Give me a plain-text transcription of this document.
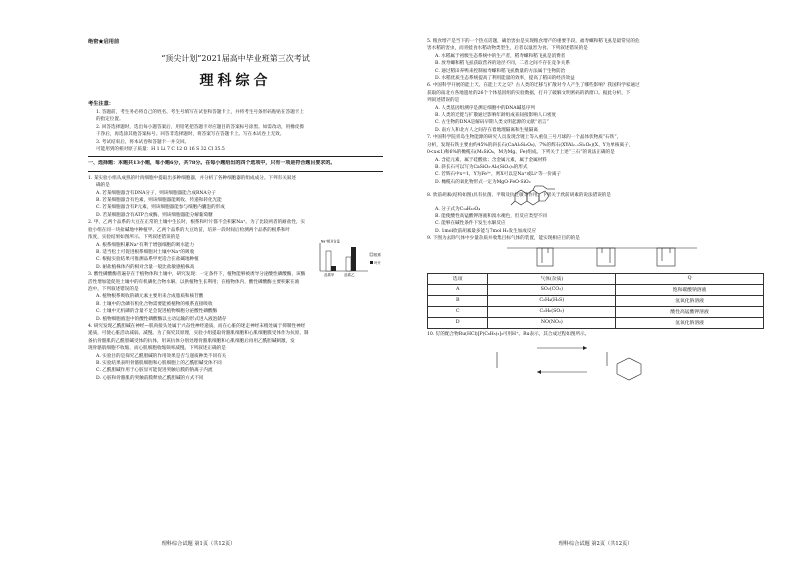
绝密★启用前
“顶尖计划”2021届高中毕业班第三次考试
理科综合
考生注意：
1. 答题前，考生务必将自己的姓名、考生号填写在试卷和答题卡上，并将考生号条形码粘贴在答题卡上
的指定位置。
2. 回答选择题时，选出每小题答案后，用铅笔把答题卡对应题目的答案标号涂黑。如需改动，用橡皮擦
干净后，再选涂其他答案标号。回答非选择题时，将答案写在答题卡上。写在本试卷上无效。
3. 考试结束后，将本试卷和答题卡一并交回。
可能用到的相对原子质量：H 1 Li 7 C 12 O 16 S 32 Cl 35.5
一、选择题：本题共13小题，每小题6分，共78分。在每小题给出的四个选项中，只有一项是符合题目要求的。
1. 某实验小组从成熟的叶肉细胞中提取出多种细胞器，并分析了各种细胞器的组成成分。下列有关叙述
确的是
A. 若某细胞器含有DNA分子，则该细胞器能合成RNA分子
B. 若某细胞器含有色素，则该细胞器能吸收、传递和转化光能
C. 若某细胞器含有P元素，则该细胞器能参与细胞内囊泡的形成
D. 若某细胞器含有ATP合成酶，则该细胞器能分解葡萄糖
2. 甲、乙两个品系的大豆在正常的土壤中生长时，根系和叶片都不会积累Na⁺。为了比较两者的耐盐性，实
验小组在同一块盐碱地中种植甲、乙两个品系的大豆幼苗，培养一段时间后检测两个品系的根系和叶
浓度，实验结果如图所示。下列叙述错误的是
A. 根系细胞积累Na⁺有利于增强细胞的吸水能力
B. 适当松土可促进根系细胞对土壤中Na⁺的吸收
C. 根据实验结果可推测品系甲更适合在盐碱地种植
D. 耐盐植株体内的相对含量一般比盐敏感植株高
根系
叶片
Na⁺相对含量
品系甲	品系乙
3. 酸性磷酸酶普遍存在于植物体和土壤中，研究发现：一定条件下，植物能够被诱导分泌酸性磷酸酶，该酶
活性增加能促进土壤中的有机磷化合物水解，以供植物生长利用；在植物体内，酸性磷酸酶主要积累在液
泡中。下列叙述错误的是
A. 植物根系吸收的磷元素主要用来合成脂质和核苷酸
B. 土壤中的含磷有机化合物需要能被植物的根系直接吸收
C. 土壤中无机磷的含量不足会促进植物细胞分泌酸性磷酸酶
D. 植物细胞液泡中的酸性磷酸酶以主动运输的形式进入液泡储存
4. 研究发现乙酰胆碱在神经—肌肉接头处属于兴奋性神经递质，而在心脏的迷走神经末梢处属于抑制性神经
递质，可使心脏活动减弱、减慢。为了探究其原理，实验小组提取骨骼肌细胞和心肌细胞膜受体作为抗原，制
备抗骨骼肌的乙酰胆碱受体的抗体，用该抗体分别处理骨骼肌细胞和心肌细胞后再用乙酰胆碱刺激，发
现骨骼肌细胞不收缩，而心肌细胞收缩频率减慢。下列叙述正确的是
A. 实验目的是探究乙酰胆碱的作用效果是否与递质种类不同有关
B. 实验结果表明骨骼肌细胞和心肌细胞上的乙酰胆碱受体不同
C. 乙酰胆碱作用于心脏显可能促进突触后膜的钠离子内流
D. 心脏和骨骼肌的突触前膜释放乙酰胆碱的方式不同
理科综合试题 第1页（共12页）
5. 粮食增产是当下的一个热点话题，确治害虫是实现粮食增产的重要手段。福寿螺和稻飞虱是最常见的危
害水稻的害虫，而青蛙食水稻动物类型生，后者以鼠害为食。下列叙述错误的是
A. 水稻属于初级生态系统中的生产者，稻寿螺和稻飞虱是消费者
B. 放寿螺和稻飞虱获取营养的途径不同，二者之间不存在竞争关系
C. 通过稻田养鸭来控制福寿螺和稻飞虱数量的方法属于生物防治
D. 水稻优质生态系统提高了利用能量的效率，提高了稻田的经济效益
6. 中国科学开展的能上天、在能上天之交？古人类的迁移与扩散对今人产生了哪些影响？我国科学家通过
获取的南北方各地遗址的26个个体基因组的实验数据，打开了破解文明密码的新窗口。据此分析，下
列叙述错误的是
A. 人类基因组测序是测定细胞中的DNA碱基序列
B. 人类的迁徙与扩散通过影响年龄组成来间接影响人口密度
C. 古生物的DNA是解码早期人类文明起源的文献“语言”
D. 南方人和北方人之间存在着地理隔离和生殖隔离
7. 中国科学院青岛生物能源的研究人员发现含锂上等入重仪三号月球的一个晶体状物质“石铁”，
分析，发现石铁主要由约45%的斜长石(CaAl₂Si₂O₈)、7%的辉石(XYAl₂₋ₓSiₓO₆)(X、Y为单核离子，
0<x≤1)和6%的橄榄石(M₂SiO₄，M为Mg、Fe)组成。下列关于上述“三石”的说法正确的是
A. 含硅元素，属于硅酸盐；含金属元素，属于金属材料
B. 斜长石可以写为CaSiO₃·Al₂(SiO₃)₃的形式
C. 若辉石中x=1，Y为Fe³⁺，则X可以是Na⁺或Li⁺等一价离子
D. 橄榄石的氧化物形式一定为MgO·FeO·SiO₂
8. 欣前胡素(结构如图)具有抗菌、平喘及抗过敏等作用。下列关于欣前胡素的说法错误的是
A. 分子式为C₁₄H₁₀O₄
B. 能使酸性高锰酸钾溶液和溴水褪色，但反应类型不同
C. 能够在碱性条件下发生水解反应
D. 1mol欣前胡素最多能与7mol H₂发生加成反应
9. 下图为去除气体中少量杂质并收集目标气体的装置，能实现相应目的的是
选项	气体(杂质)	Q
A	SO₂(CO₂)	饱和碳酸钠溶液
B	C₂H₄(H₂S)	氢氧化钠溶液
C	C₂H₆(SO₂)	酸性高锰酸钾溶液
D	NO(NO₂)	氢氧化钠溶液
10. 钌的配合物Ru(HCl)[P(C₆H₅)₃]₃可用H⁺、Ru表示，其合成过程如图所示。
理科综合试题 第2页（共12页）
